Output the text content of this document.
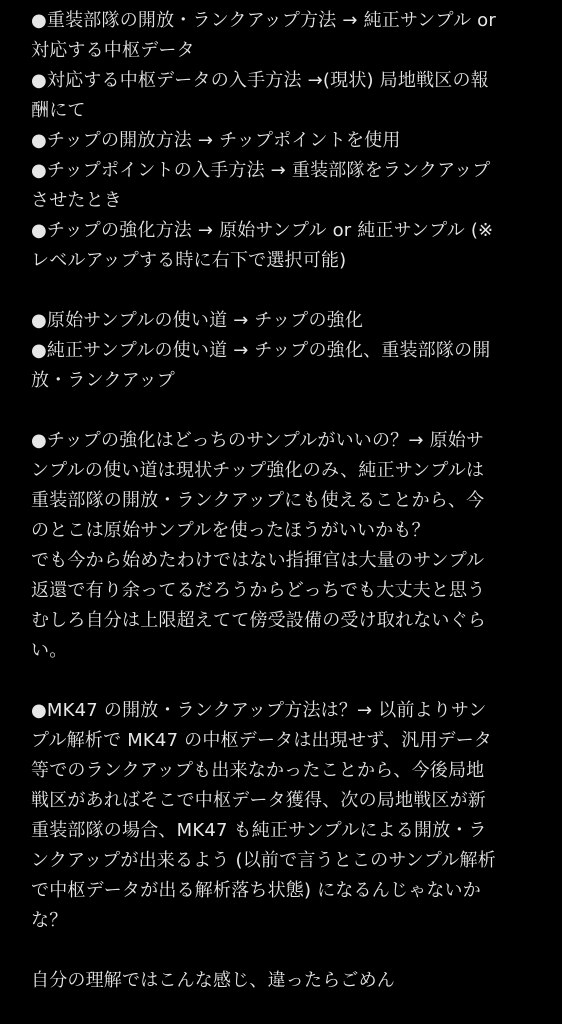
●重装部隊の開放・ランクアップ方法 → 純正サンプル or
対応する中枢データ
●対応する中枢データの入手方法 →(現状) 局地戦区の報
酬にて
●チップの開放方法 → チップポイントを使用
●チップポイントの入手方法 → 重装部隊をランクアップ
させたとき
●チップの強化方法 → 原始サンプル or 純正サンプル (※
レベルアップする時に右下で選択可能)
●原始サンプルの使い道 → チップの強化
●純正サンプルの使い道 → チップの強化、重装部隊の開
放・ランクアップ
●チップの強化はどっちのサンプルがいいの？→ 原始サ
ンプルの使い道は現状チップ強化のみ、純正サンプルは
重装部隊の開放・ランクアップにも使えることから、今
のとこは原始サンプルを使ったほうがいいかも？
でも今から始めたわけではない指揮官は大量のサンプル
返還で有り余ってるだろうからどっちでも大丈夫と思う
むしろ自分は上限超えてて傍受設備の受け取れないぐら
い。
●MK47 の開放・ランクアップ方法は？→ 以前よりサン
プル解析で MK47 の中枢データは出現せず、汎用データ
等でのランクアップも出来なかったことから、今後局地
戦区があればそこで中枢データ獲得、次の局地戦区が新
重装部隊の場合、MK47 も純正サンプルによる開放・ラ
ンクアップが出来るよう (以前で言うとこのサンプル解析
で中枢データが出る解析落ち状態) になるんじゃないか
な？
自分の理解ではこんな感じ、違ったらごめん
